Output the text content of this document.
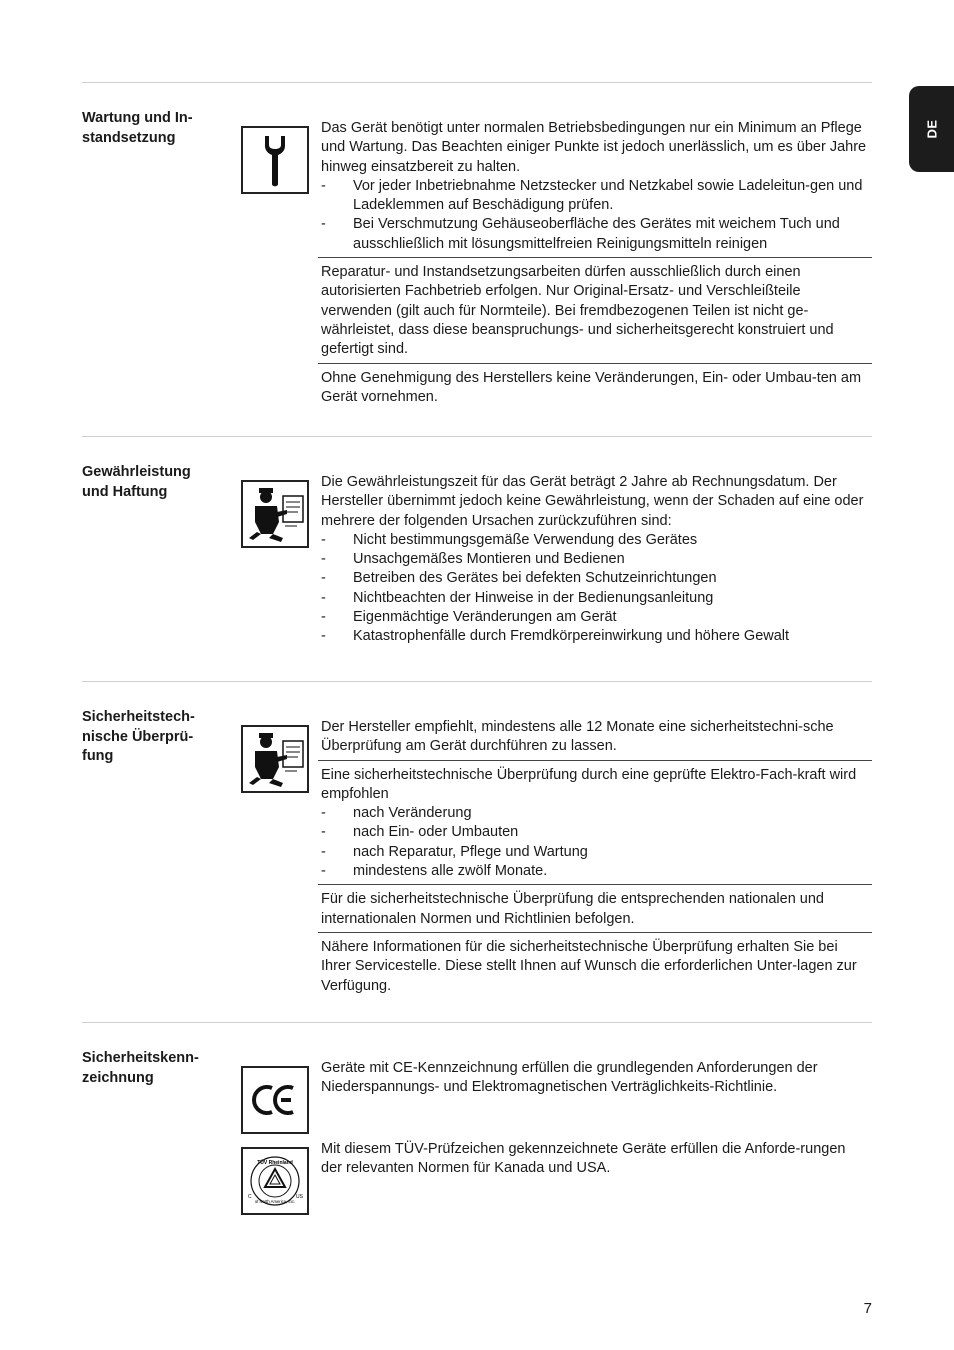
DE
Wartung und In-
standsetzung

Das Gerät benötigt unter normalen Betriebsbedingungen nur ein Minimum an Pflege und Wartung. Das Beachten einiger Punkte ist jedoch unerlässlich, um es über Jahre hinweg einsatzbereit zu halten.

- Vor jeder Inbetriebnahme Netzstecker und Netzkabel sowie Ladeleitun-gen und Ladeklemmen auf Beschädigung prüfen.
- Bei Verschmutzung Gehäuseoberfläche des Gerätes mit weichem Tuch und ausschließlich mit lösungsmittelfreien Reinigungsmitteln reinigen

Reparatur- und Instandsetzungsarbeiten dürfen ausschließlich durch einen autorisierten Fachbetrieb erfolgen. Nur Original-Ersatz- und Verschleißteile verwenden (gilt auch für Normteile). Bei fremdbezogenen Teilen ist nicht ge-währleistet, dass diese beanspruchungs- und sicherheitsgerecht konstruiert und gefertigt sind.

Ohne Genehmigung des Herstellers keine Veränderungen, Ein- oder Umbau-ten am Gerät vornehmen.

Gewährleistung
und Haftung

Die Gewährleistungszeit für das Gerät beträgt 2 Jahre ab Rechnungsdatum. Der Hersteller übernimmt jedoch keine Gewährleistung, wenn der Schaden auf eine oder mehrere der folgenden Ursachen zurückzuführen sind:

- Nicht bestimmungsgemäße Verwendung des Gerätes
- Unsachgemäßes Montieren und Bedienen
- Betreiben des Gerätes bei defekten Schutzeinrichtungen
- Nichtbeachten der Hinweise in der Bedienungsanleitung
- Eigenmächtige Veränderungen am Gerät
- Katastrophenfälle durch Fremdkörpereinwirkung und höhere Gewalt
Sicherheitstech-
nische Überprü-
fung

Der Hersteller empfiehlt, mindestens alle 12 Monate eine sicherheitstechni-sche Überprüfung am Gerät durchführen zu lassen.

Eine sicherheitstechnische Überprüfung durch eine geprüfte Elektro-Fach-kraft wird empfohlen

- nach Veränderung
- nach Ein- oder Umbauten
- nach Reparatur, Pflege und Wartung
- mindestens alle zwölf Monate.

Für die sicherheitstechnische Überprüfung die entsprechenden nationalen und internationalen Normen und Richtlinien befolgen.

Nähere Informationen für die sicherheitstechnische Überprüfung erhalten Sie bei Ihrer Servicestelle. Diese stellt Ihnen auf Wunsch die erforderlichen Unter-lagen zur Verfügung.

Sicherheitskenn-
zeichnung

Geräte mit CE-Kennzeichnung erfüllen die grundlegenden Anforderungen der Niederspannungs- und Elektromagnetischen Verträglichkeits-Richtlinie.

TÜV Rheinland
of North America, Inc.
C	US

Mit diesem TÜV-Prüfzeichen gekennzeichnete Geräte erfüllen die Anforde-rungen der relevanten Normen für Kanada und USA.

7
